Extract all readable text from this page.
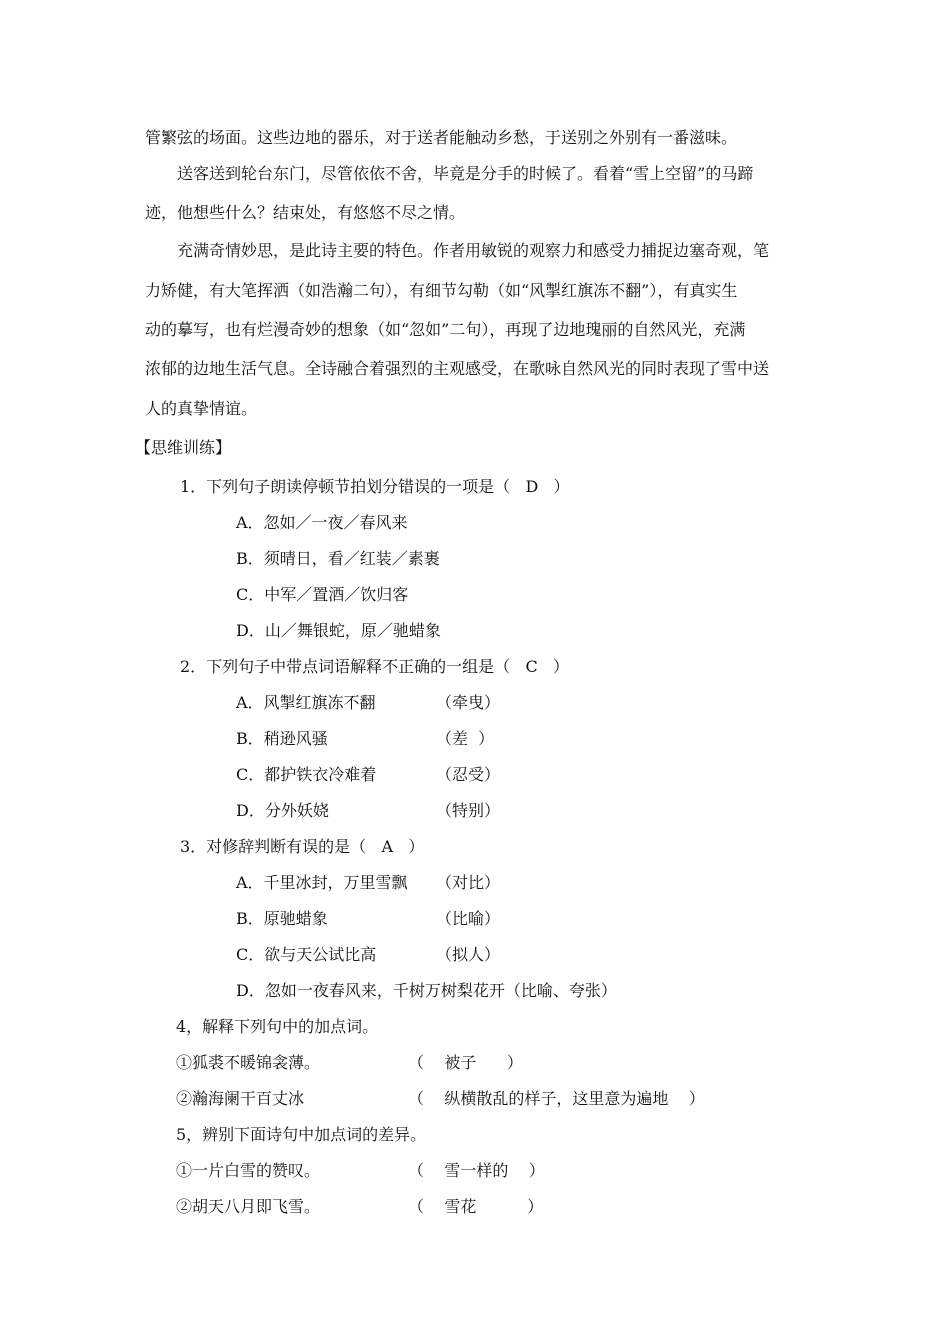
管繁弦的场面。这些边地的器乐，对于送者能触动乡愁，于送别之外别有一番滋味。
送客送到轮台东门，尽管依依不舍，毕竟是分手的时候了。看着“雪上空留”的马蹄
迹，他想些什么？结束处，有悠悠不尽之情。
充满奇情妙思，是此诗主要的特色。作者用敏锐的观察力和感受力捕捉边塞奇观，笔
力矫健，有大笔挥洒（如浩瀚二句），有细节勾勒（如“风掣红旗冻不翻”），有真实生
动的摹写，也有烂漫奇妙的想象（如“忽如”二句），再现了边地瑰丽的自然风光，充满
浓郁的边地生活气息。全诗融合着强烈的主观感受，在歌咏自然风光的同时表现了雪中送
人的真挚情谊。
【思维训练】
1．下列句子朗读停顿节拍划分错误的一项是（   D   ）
A．忽如／一夜／春风来
B．须晴日，看／红装／素裹
C．中军／置酒／饮归客
D．山／舞银蛇，原／驰蜡象
2．下列句子中带点词语解释不正确的一组是（   C   ）
A．风掣红旗冻不翻	（牵曳）
B．稍逊风骚	（差  ）
C．都护铁衣冷难着	（忍受）
D．分外妖娆	（特别）
3．对修辞判断有误的是（   A   ）
A．千里冰封，万里雪飘 （对比）
B．原驰蜡象	（比喻）
C．欲与天公试比高	（拟人）
D．忽如一夜春风来，千树万树梨花开（比喻、夸张）
4，解释下列句中的加点词。
①狐裘不暖锦衾薄。	（    被子      ）
②瀚海阑干百丈冰	（    纵横散乱的样子，这里意为遍地    ）
5，辨别下面诗句中加点词的差异。
①一片白雪的赞叹。	（    雪一样的    ）
②胡天八月即飞雪。	（    雪花          ）
